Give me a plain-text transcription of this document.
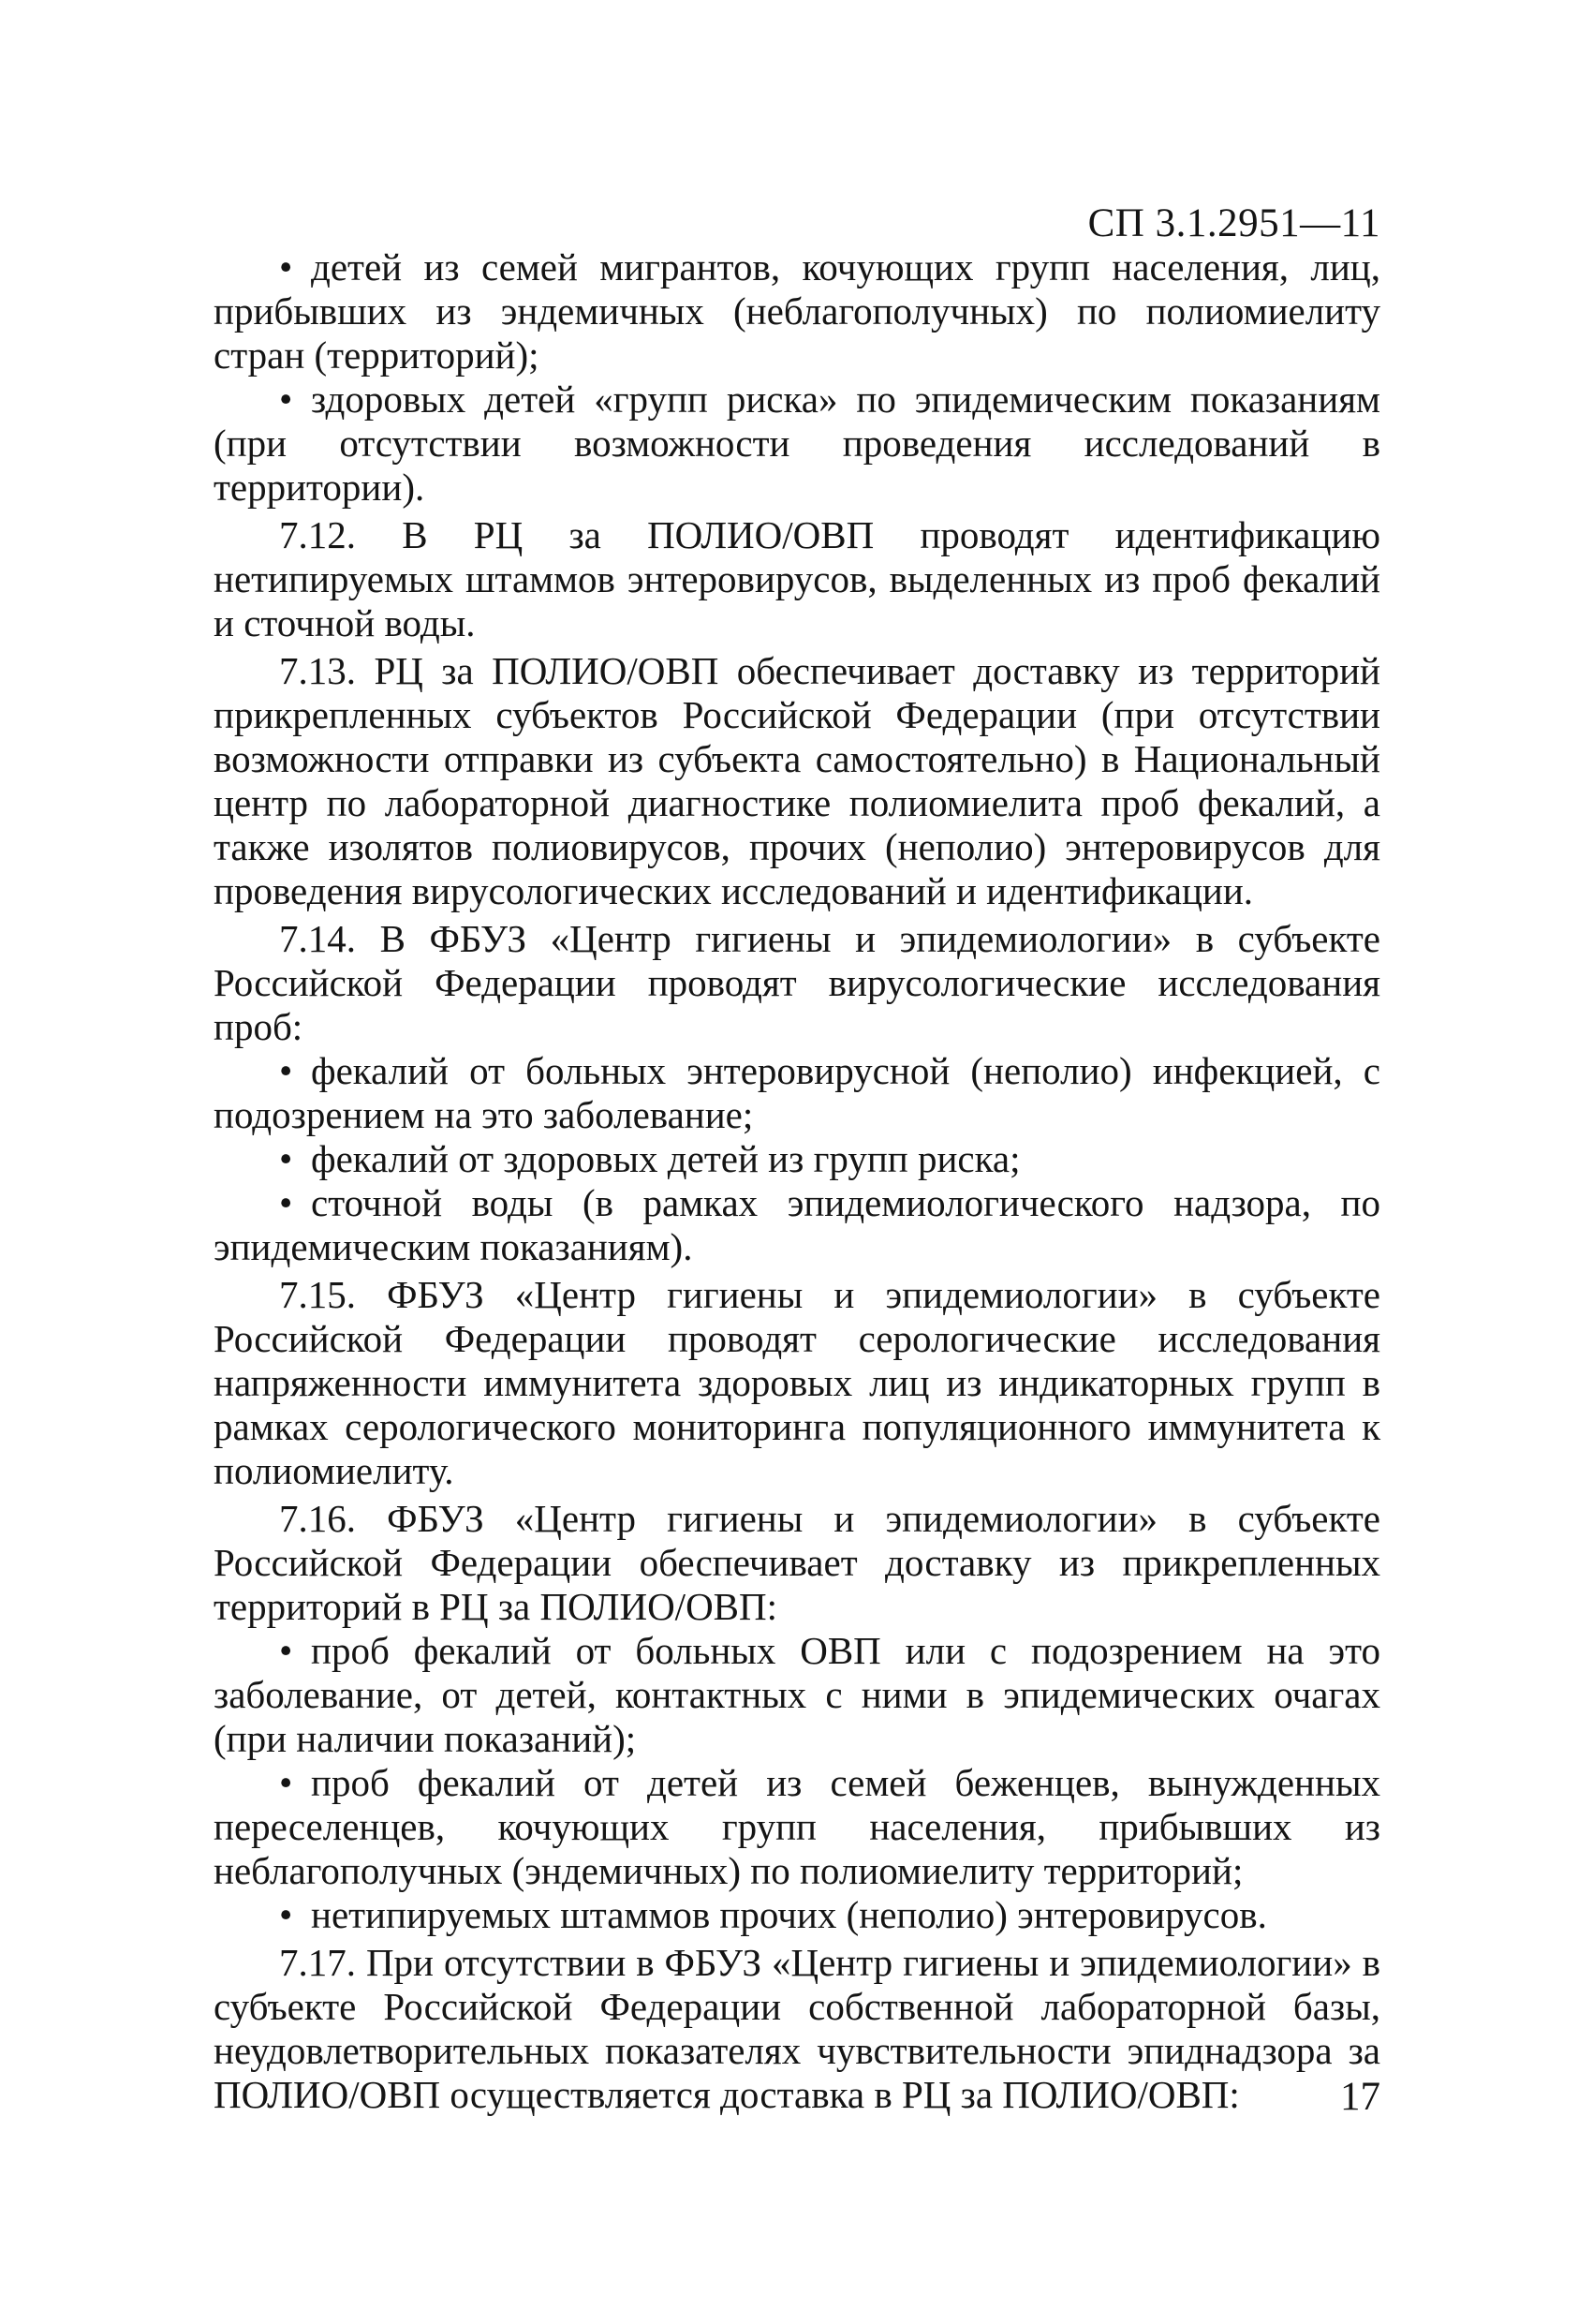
СП 3.1.2951—11

• детей из семей мигрантов, кочующих групп населения, лиц, прибывших из эндемичных (неблагополучных) по полиомиелиту стран (территорий);

• здоровых детей «групп риска» по эпидемическим показаниям (при отсутствии возможности проведения исследований в территории).

7.12. В РЦ за ПОЛИО/ОВП проводят идентификацию нетипируемых штаммов энтеровирусов, выделенных из проб фекалий и сточной воды.

7.13. РЦ за ПОЛИО/ОВП обеспечивает доставку из территорий прикрепленных субъектов Российской Федерации (при отсутствии возможности отправки из субъекта самостоятельно) в Национальный центр по лабораторной диагностике полиомиелита проб фекалий, а также изолятов полиовирусов, прочих (неполио) энтеровирусов для проведения вирусологических исследований и идентификации.

7.14. В ФБУЗ «Центр гигиены и эпидемиологии» в субъекте Российской Федерации проводят вирусологические исследования проб:

• фекалий от больных энтеровирусной (неполио) инфекцией, с подозрением на это заболевание;

• фекалий от здоровых детей из групп риска;

• сточной воды (в рамках эпидемиологического надзора, по эпидемическим показаниям).

7.15. ФБУЗ «Центр гигиены и эпидемиологии» в субъекте Российской Федерации проводят серологические исследования напряженности иммунитета здоровых лиц из индикаторных групп в рамках серологического мониторинга популяционного иммунитета к полиомиелиту.

7.16. ФБУЗ «Центр гигиены и эпидемиологии» в субъекте Российской Федерации обеспечивает доставку из прикрепленных территорий в РЦ за ПОЛИО/ОВП:

• проб фекалий от больных ОВП или с подозрением на это заболевание, от детей, контактных с ними в эпидемических очагах (при наличии показаний);

• проб фекалий от детей из семей беженцев, вынужденных переселенцев, кочующих групп населения, прибывших из неблагополучных (эндемичных) по полиомиелиту территорий;

• нетипируемых штаммов прочих (неполио) энтеровирусов.

7.17. При отсутствии в ФБУЗ «Центр гигиены и эпидемиологии» в субъекте Российской Федерации собственной лабораторной базы, неудовлетворительных показателях чувствительности эпиднадзора за ПОЛИО/ОВП осуществляется доставка в РЦ за ПОЛИО/ОВП:	17
